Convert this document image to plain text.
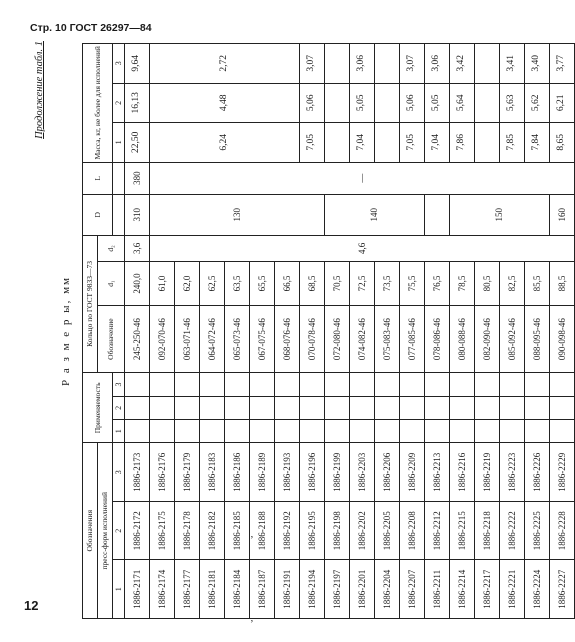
Стр. 10 ГОСТ 26297—84
12
ʼ
ʼ
Продолжение табл. 1
Р а з м е р ы, мм
Обозначения			Применяемость			Кольцо по ГОСТ 9833—73			D	L	Масса, кг, не более для исполнений		
пресс-форм исполнений						Обозначение	d₁	d₂					
1	2	3	1	2	3						1	2	3
1886-2171	1886-2172	1886-2173				245-250-46	240,0	3,6	310	380	22,50	16,13	9,64
1886-2174	1886-2175	1886-2176				092-070-46	61,0	4,6	130	—	6,24	4,48	2,72
1886-2177	1886-2178	1886-2179				063-071-46	62,0						
1886-2181	1886-2182	1886-2183				064-072-46	62,5						
1886-2184	1886-2185	1886-2186				065-073-46	63,5						
1886-2187	1886-2188	1886-2189				067-075-46	65,5						
1886-2191	1886-2192	1886-2193				068-076-46	66,5						
1886-2194	1886-2195	1886-2196				070-078-46	68,5				7,05	5,06	3,07
1886-2197	1886-2198	1886-2199				072-080-46	70,5		140				
1886-2201	1886-2202	1886-2203				074-082-46	72,5				7,04	5,05	3,06
1886-2204	1886-2205	1886-2206				075-083-46	73,5						
1886-2207	1886-2208	1886-2209				077-085-46	75,5				7,05	5,06	3,07
1886-2211	1886-2212	1886-2213				078-086-46	76,5				7,04	5,05	3,06
1886-2214	1886-2215	1886-2216				080-088-46	78,5		150		7,86	5,64	3,42
1886-2217	1886-2218	1886-2219				082-090-46	80,5						
1886-2221	1886-2222	1886-2223				085-092-46	82,5				7,85	5,63	3,41
1886-2224	1886-2225	1886-2226				088-095-46	85,5				7,84	5,62	3,40
1886-2227	1886-2228	1886-2229				090-098-46	88,5		160		8,65	6,21	3,77
